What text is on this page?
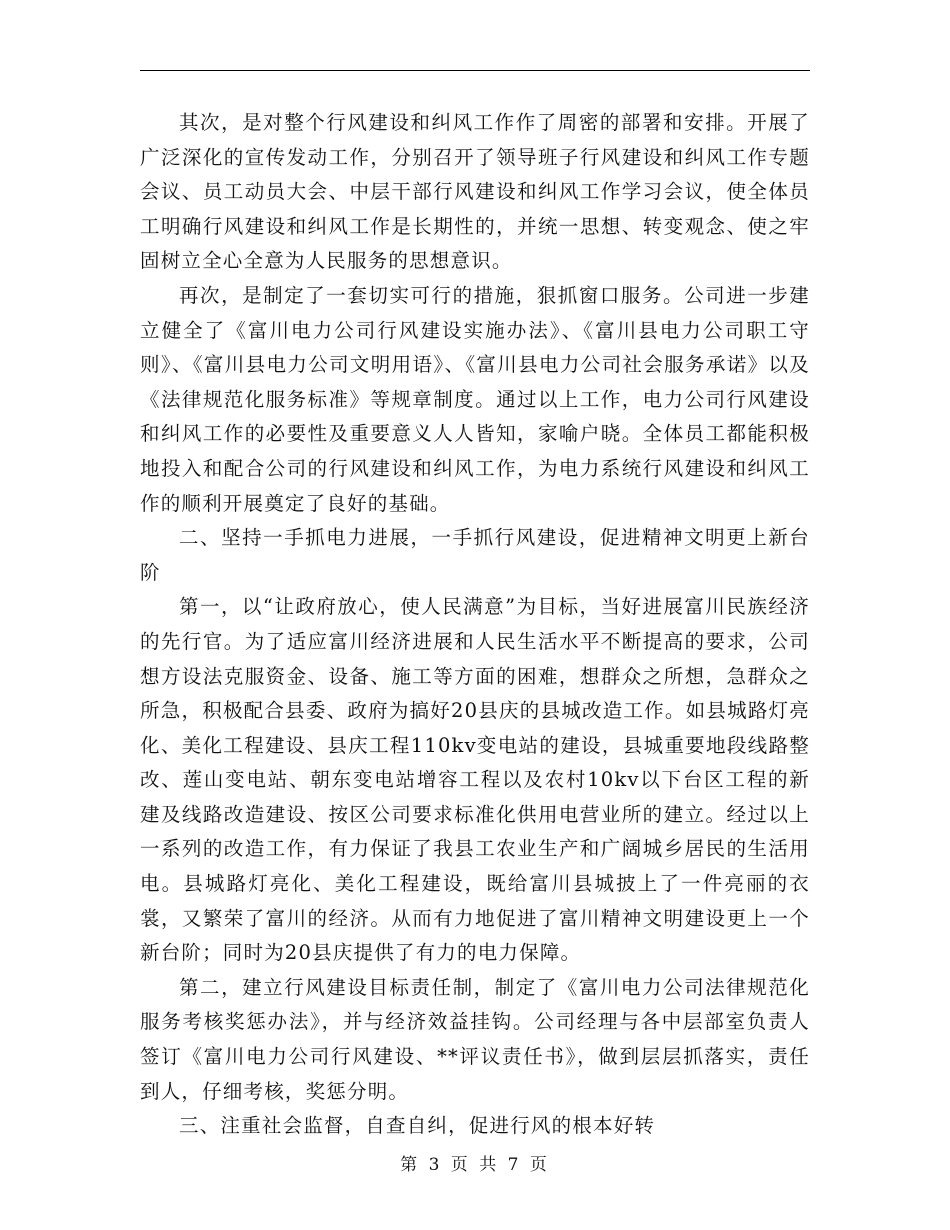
其次，是对整个行风建设和纠风工作作了周密的部署和安排。开展了广泛深化的宣传发动工作，分别召开了领导班子行风建设和纠风工作专题会议、员工动员大会、中层干部行风建设和纠风工作学习会议，使全体员工明确行风建设和纠风工作是长期性的，并统一思想、转变观念、使之牢固树立全心全意为人民服务的思想意识。

再次，是制定了一套切实可行的措施，狠抓窗口服务。公司进一步建立健全了《富川电力公司行风建设实施办法》、《富川县电力公司职工守则》、《富川县电力公司文明用语》、《富川县电力公司社会服务承诺》以及《法律规范化服务标准》等规章制度。通过以上工作，电力公司行风建设和纠风工作的必要性及重要意义人人皆知，家喻户晓。全体员工都能积极地投入和配合公司的行风建设和纠风工作，为电力系统行风建设和纠风工作的顺利开展奠定了良好的基础。

二、坚持一手抓电力进展，一手抓行风建设，促进精神文明更上新台阶

第一，以“让政府放心，使人民满意”为目标，当好进展富川民族经济的先行官。为了适应富川经济进展和人民生活水平不断提高的要求，公司想方设法克服资金、设备、施工等方面的困难，想群众之所想，急群众之所急，积极配合县委、政府为搞好20县庆的县城改造工作。如县城路灯亮化、美化工程建设、县庆工程110kv变电站的建设，县城重要地段线路整改、莲山变电站、朝东变电站增容工程以及农村10kv以下台区工程的新建及线路改造建设、按区公司要求标准化供用电营业所的建立。经过以上一系列的改造工作，有力保证了我县工农业生产和广阔城乡居民的生活用电。县城路灯亮化、美化工程建设，既给富川县城披上了一件亮丽的衣裳，又繁荣了富川的经济。从而有力地促进了富川精神文明建设更上一个新台阶；同时为20县庆提供了有力的电力保障。

第二，建立行风建设目标责任制，制定了《富川电力公司法律规范化服务考核奖惩办法》，并与经济效益挂钩。公司经理与各中层部室负责人签订《富川电力公司行风建设、**评议责任书》，做到层层抓落实，责任到人，仔细考核，奖惩分明。

三、注重社会监督，自查自纠，促进行风的根本好转

第 3 页 共 7 页
